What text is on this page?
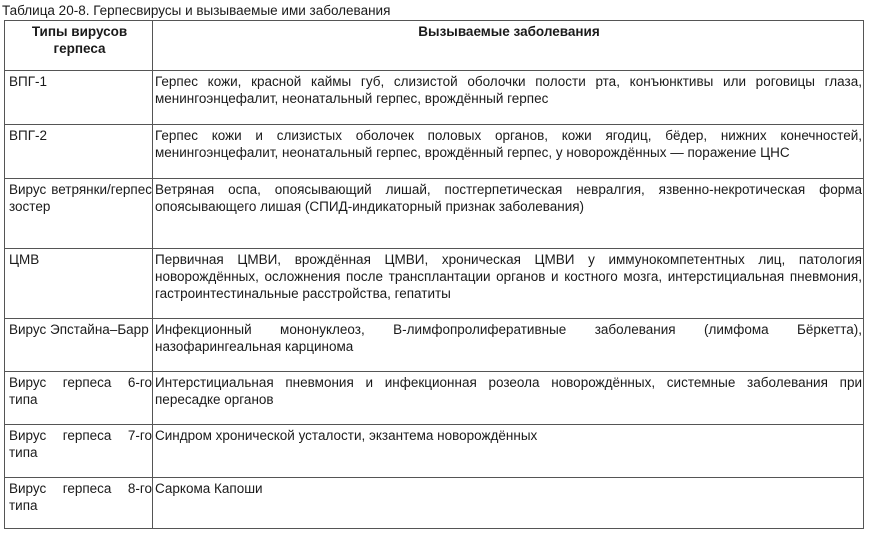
Таблица 20-8. Герпесвирусы и вызываемые ими заболевания
Типы вирусов герпеса	Вызываемые заболевания
ВПГ-1	Герпес кожи, красной каймы губ, слизистой оболочки полости рта, конъюнктивы или роговицы глаза, менингоэнцефалит, неонатальный герпес, врождённый герпес
ВПГ-2	Герпес кожи и слизистых оболочек половых органов, кожи ягодиц, бёдер, нижних конечностей, менингоэнцефалит, неонатальный герпес, врождённый герпес, у новорождённых — поражение ЦНС
Вирус ветрянки/герпес зостер	Ветряная оспа, опоясывающий лишай, постгерпетическая невралгия, язвенно-некротическая форма опоясывающего лишая (СПИД-индикаторный признак заболевания)
ЦМВ	Первичная ЦМВИ, врождённая ЦМВИ, хроническая ЦМВИ у иммунокомпетентных лиц, патология новорождённых, осложнения после трансплантации органов и костного мозга, интерстициальная пневмония, гастроинтестинальные расстройства, гепатиты
Вирус Эпстайна–Барр	Инфекционный мононуклеоз, В-лимфопролиферативные заболевания (лимфома Бёркетта), назофарингеальная карцинома
Вирус герпеса 6-го типа	Интерстициальная пневмония и инфекционная розеола новорождённых, системные заболевания при пересадке органов
Вирус герпеса 7-го типа	Синдром хронической усталости, экзантема новорождённых
Вирус герпеса 8-го типа	Саркома Капоши
